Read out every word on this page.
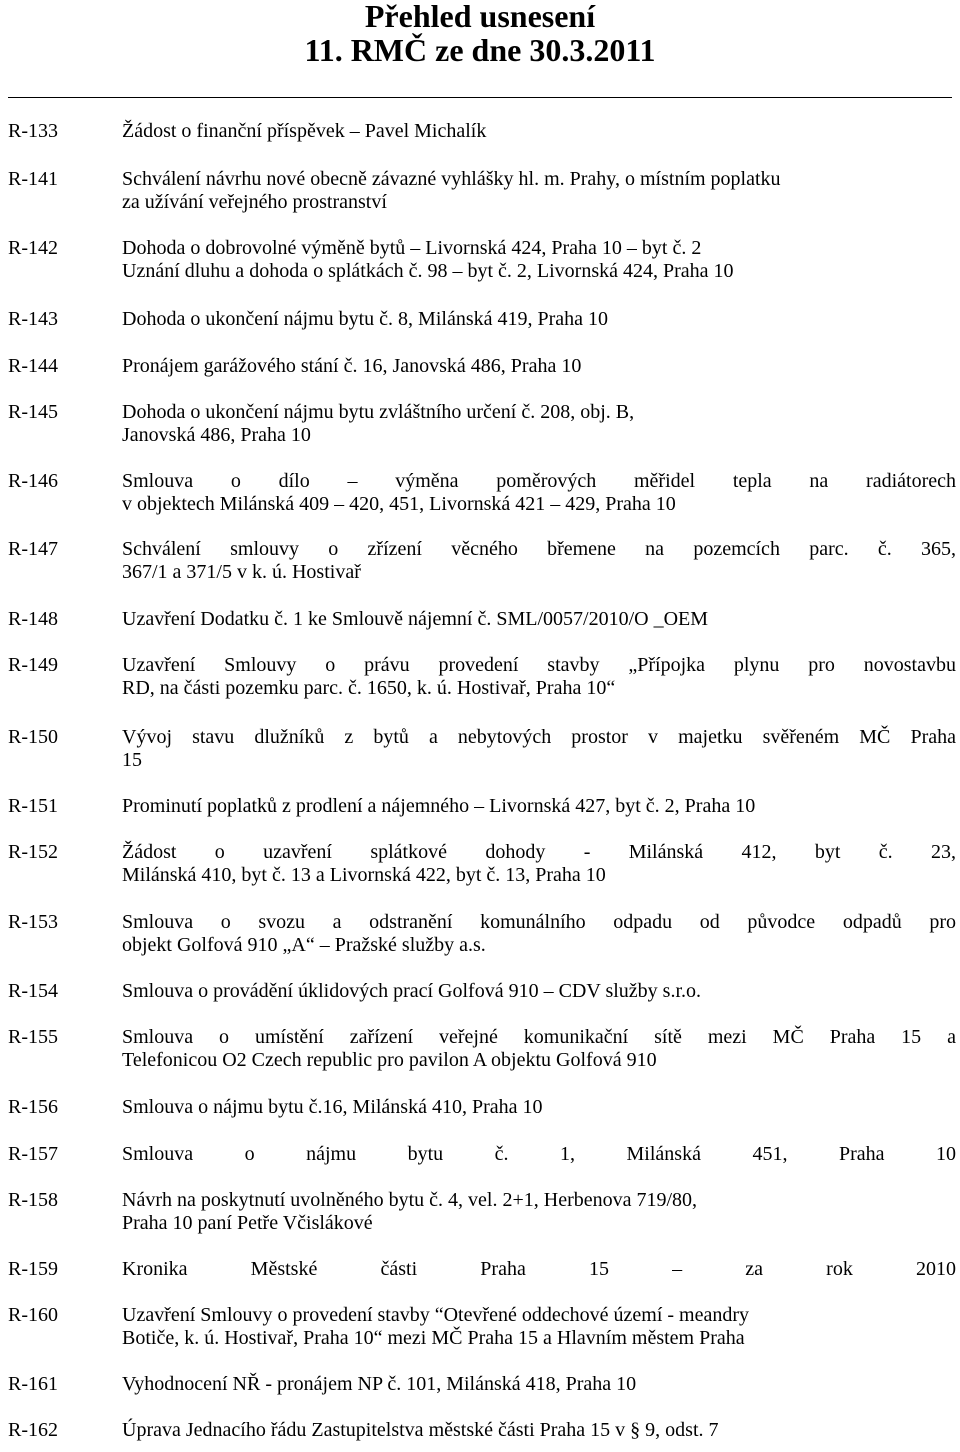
Přehled usnesení
11. RMČ ze dne 30.3.2011
R-133	Žádost o finanční příspěvek – Pavel Michalík
R-141	Schválení návrhu nové obecně závazné vyhlášky hl. m. Prahy, o místním poplatku
za užívání veřejného prostranství
R-142	Dohoda o dobrovolné výměně bytů – Livornská 424, Praha 10 – byt č. 2
Uznání dluhu a dohoda o splátkách č. 98 – byt č. 2, Livornská 424, Praha 10
R-143	Dohoda o ukončení nájmu bytu č. 8, Milánská 419, Praha 10
R-144	Pronájem garážového stání č. 16, Janovská 486, Praha 10
R-145	Dohoda o ukončení nájmu bytu zvláštního určení č. 208, obj. B,
Janovská 486, Praha 10
R-146	Smlouva o dílo – výměna poměrových měřidel tepla na radiátorech
v objektech Milánská 409 – 420, 451, Livornská 421 – 429, Praha 10
R-147	Schválení smlouvy o zřízení věcného břemene na pozemcích parc. č. 365,
367/1 a 371/5 v k. ú. Hostivař
R-148	Uzavření Dodatku č. 1 ke Smlouvě nájemní č. SML/0057/2010/O _OEM
R-149	Uzavření Smlouvy o právu provedení stavby „Přípojka plynu pro novostavbu
RD, na části pozemku parc. č. 1650, k. ú. Hostivař, Praha 10“
R-150	Vývoj stavu dlužníků z bytů a nebytových prostor v majetku svěřeném MČ Praha
15
R-151	Prominutí poplatků z prodlení a nájemného – Livornská 427, byt č. 2, Praha 10
R-152	Žádost o uzavření splátkové dohody - Milánská 412, byt č. 23,
Milánská 410, byt č. 13 a Livornská 422, byt č. 13, Praha 10
R-153	Smlouva o svozu a odstranění komunálního odpadu od původce odpadů pro
objekt Golfová 910 „A“ – Pražské služby a.s.
R-154	Smlouva o provádění úklidových prací Golfová 910 – CDV služby s.r.o.
R-155	Smlouva o umístění zařízení veřejné komunikační sítě mezi MČ Praha 15 a
Telefonicou O2 Czech republic pro pavilon A objektu Golfová 910
R-156	Smlouva o nájmu bytu č.16, Milánská 410, Praha 10
R-157	Smlouva o nájmu bytu č. 1, Milánská 451, Praha 10
R-158	Návrh na poskytnutí uvolněného bytu č. 4, vel. 2+1, Herbenova 719/80,
Praha 10 paní Petře Včislákové
R-159	Kronika Městské části Praha 15 – za rok 2010
R-160	Uzavření Smlouvy o provedení stavby “Otevřené oddechové území - meandry
Botiče, k. ú. Hostivař, Praha 10“ mezi MČ Praha 15 a Hlavním městem Praha
R-161	Vyhodnocení NŘ - pronájem NP č. 101, Milánská 418, Praha 10
R-162	Úprava Jednacího řádu Zastupitelstva městské části Praha 15 v § 9, odst. 7
